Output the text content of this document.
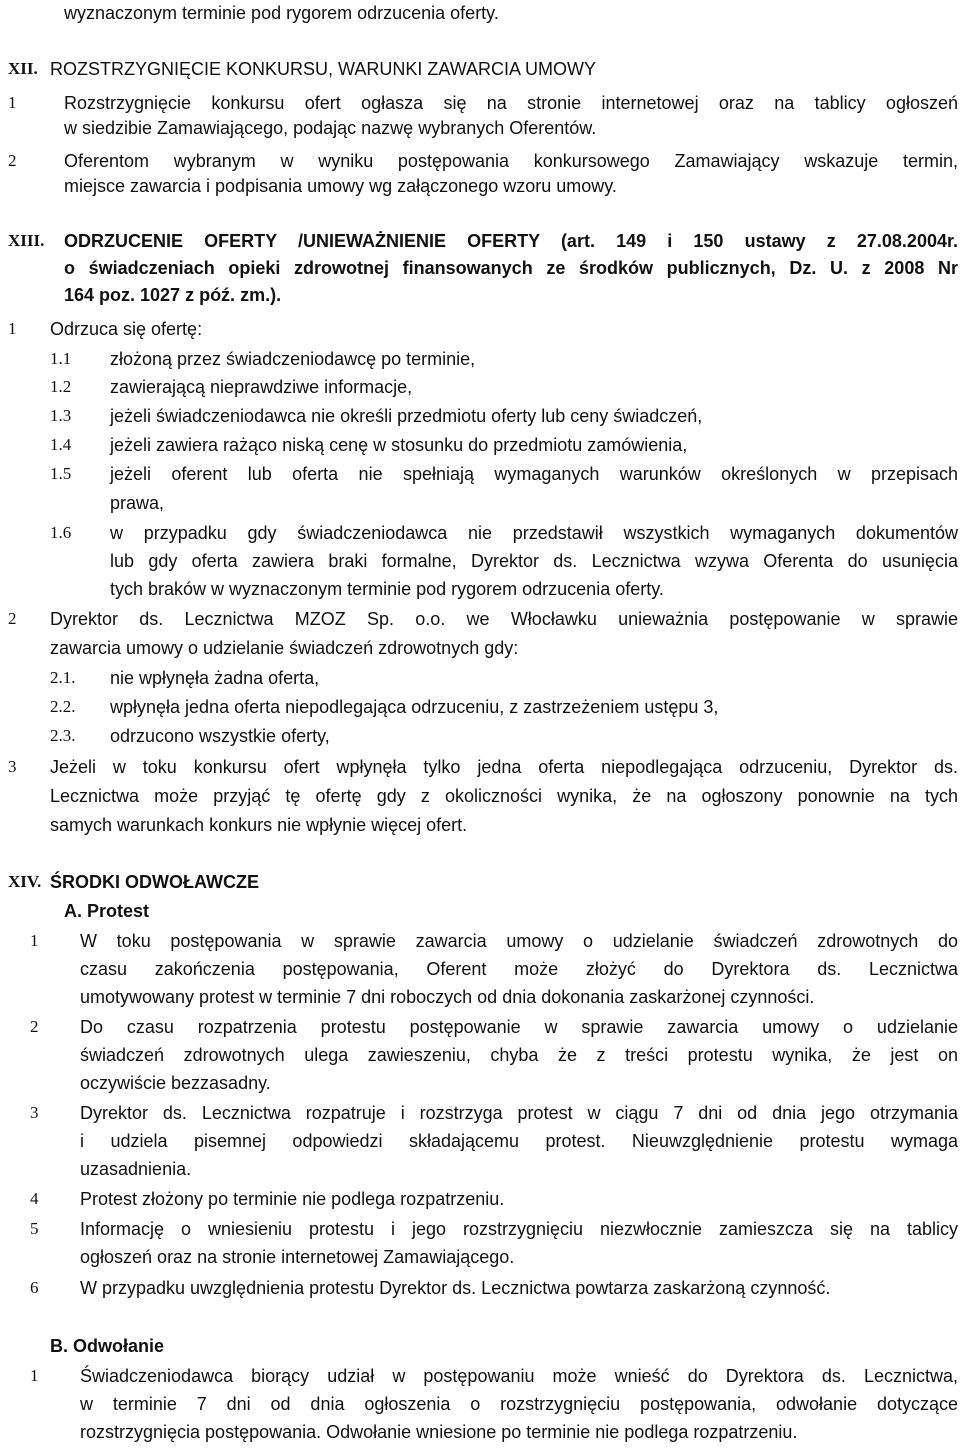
wyznaczonym terminie pod rygorem odrzucenia oferty.
XII. ROZSTRZYGNIĘCIE KONKURSU, WARUNKI ZAWARCIA UMOWY
1	Rozstrzygnięcie konkursu ofert ogłasza się na stronie internetowej oraz na tablicy ogłoszeń
w siedzibie Zamawiającego, podając nazwę wybranych Oferentów.
2	Oferentom wybranym w wyniku postępowania konkursowego Zamawiający wskazuje termin,
miejsce zawarcia i podpisania umowy wg załączonego wzoru umowy.
XIII. ODRZUCENIE OFERTY /UNIEWAŻNIENIE OFERTY (art. 149 i 150 ustawy z 27.08.2004r.
o świadczeniach opieki zdrowotnej finansowanych ze środków publicznych, Dz. U. z 2008 Nr
164 poz. 1027 z póź. zm.).
1 Odrzuca się ofertę:
1.1 złożoną przez świadczeniodawcę po terminie,
1.2 zawierającą nieprawdziwe informacje,
1.3 jeżeli świadczeniodawca nie określi przedmiotu oferty lub ceny świadczeń,
1.4 jeżeli zawiera rażąco niską cenę w stosunku do przedmiotu zamówienia,
1.5 jeżeli oferent lub oferta nie spełniają wymaganych warunków określonych w przepisach
prawa,
1.6 w przypadku gdy świadczeniodawca nie przedstawił wszystkich wymaganych dokumentów
lub gdy oferta zawiera braki formalne, Dyrektor ds. Lecznictwa wzywa Oferenta do usunięcia
tych braków w wyznaczonym terminie pod rygorem odrzucenia oferty.
2 Dyrektor ds. Lecznictwa MZOZ Sp. o.o. we Włocławku unieważnia postępowanie w sprawie
zawarcia umowy o udzielanie świadczeń zdrowotnych gdy:
2.1. nie wpłynęła żadna oferta,
2.2. wpłynęła jedna oferta niepodlegająca odrzuceniu, z zastrzeżeniem ustępu 3,
2.3. odrzucono wszystkie oferty,
3 Jeżeli w toku konkursu ofert wpłynęła tylko jedna oferta niepodlegająca odrzuceniu, Dyrektor ds.
Lecznictwa może przyjąć tę ofertę gdy z okoliczności wynika, że na ogłoszony ponownie na tych
samych warunkach konkurs nie wpłynie więcej ofert.
XIV. ŚRODKI ODWOŁAWCZE
A. Protest
1 W toku postępowania w sprawie zawarcia umowy o udzielanie świadczeń zdrowotnych do
czasu zakończenia postępowania, Oferent może złożyć do Dyrektora ds. Lecznictwa
umotywowany protest w terminie 7 dni roboczych od dnia dokonania zaskarżonej czynności.
2 Do czasu rozpatrzenia protestu postępowanie w sprawie zawarcia umowy o udzielanie
świadczeń zdrowotnych ulega zawieszeniu, chyba że z treści protestu wynika, że jest on
oczywiście bezzasadny.
3 Dyrektor ds. Lecznictwa rozpatruje i rozstrzyga protest w ciągu 7 dni od dnia jego otrzymania
i udziela pisemnej odpowiedzi składającemu protest. Nieuwzględnienie protestu wymaga
uzasadnienia.
4 Protest złożony po terminie nie podlega rozpatrzeniu.
5 Informację o wniesieniu protestu i jego rozstrzygnięciu niezwłocznie zamieszcza się na tablicy
ogłoszeń oraz na stronie internetowej Zamawiającego.
6 W przypadku uwzględnienia protestu Dyrektor ds. Lecznictwa powtarza zaskarżoną czynność.
B. Odwołanie
1 Świadczeniodawca biorący udział w postępowaniu może wnieść do Dyrektora ds. Lecznictwa,
w terminie 7 dni od dnia ogłoszenia o rozstrzygnięciu postępowania, odwołanie dotyczące
rozstrzygnięcia postępowania. Odwołanie wniesione po terminie nie podlega rozpatrzeniu.
